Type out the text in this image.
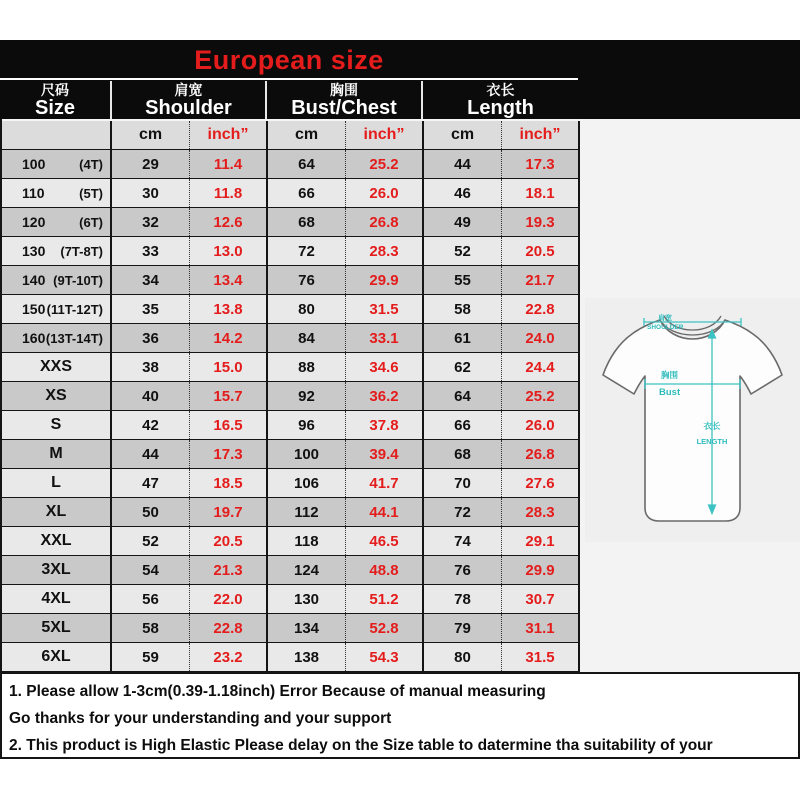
European size
尺码
Size
肩宽
Shoulder
胸围
Bust/Chest
衣长
Length
cm	inch”	cm	inch”	cm	inch”
100	(4T)	29	11.4	64	25.2	44	17.3
110	(5T)	30	11.8	66	26.0	46	18.1
120	(6T)	32	12.6	68	26.8	49	19.3
130 (7T-8T)	33	13.0	72	28.3	52	20.5
140 (9T-10T)	34	13.4	76	29.9	55	21.7
150 (11T-12T)	35	13.8	80	31.5	58	22.8
160 (13T-14T)	36	14.2	84	33.1	61	24.0
XXS	38	15.0	88	34.6	62	24.4
XS	40	15.7	92	36.2	64	25.2
S	42	16.5	96	37.8	66	26.0
M	44	17.3	100	39.4	68	26.8
L	47	18.5	106	41.7	70	27.6
XL	50	19.7	112	44.1	72	28.3
XXL	52	20.5	118	46.5	74	29.1
3XL	54	21.3	124	48.8	76	29.9
4XL	56	22.0	130	51.2	78	30.7
5XL	58	22.8	134	52.8	79	31.1
6XL	59	23.2	138	54.3	80	31.5
肩宽
SHOULDER
胸围
Bust
衣长
LENGTH
1. Please allow 1-3cm(0.39-1.18inch) Error Because of manual measuring
Go thanks for your understanding and your support
2. This product is High Elastic Please delay on the Size table to datermine tha suitability of your
